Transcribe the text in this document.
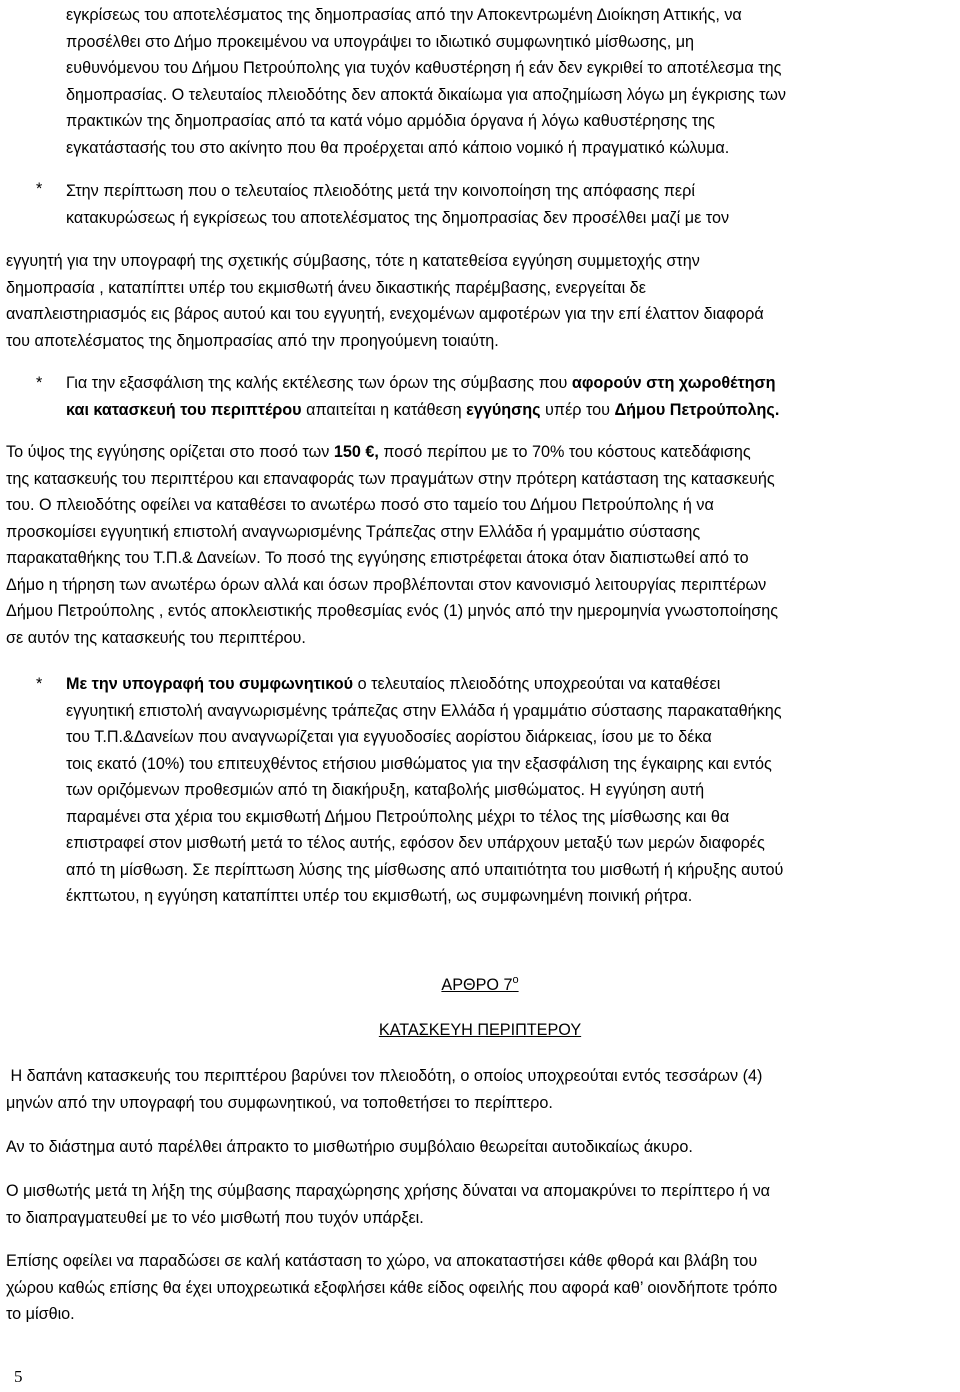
εγκρίσεως του αποτελέσματος της δημοπρασίας από την Αποκεντρωμένη Διοίκηση Αττικής, να
προσέλθει στο Δήμο προκειμένου να υπογράψει το ιδιωτικό συμφωνητικό μίσθωσης, μη
ευθυνόμενου του Δήμου Πετρούπολης για τυχόν καθυστέρηση ή εάν δεν εγκριθεί το αποτέλεσμα της
δημοπρασίας. Ο τελευταίος πλειοδότης δεν αποκτά δικαίωμα για αποζημίωση λόγω μη έγκρισης των
πρακτικών της δημοπρασίας από τα κατά νόμο αρμόδια όργανα ή λόγω καθυστέρησης της
εγκατάστασής του στο ακίνητο που θα προέρχεται από κάποιο νομικό ή πραγματικό κώλυμα.
* Στην περίπτωση που ο τελευταίος πλειοδότης μετά την κοινοποίηση της απόφασης περί
κατακυρώσεως ή εγκρίσεως του αποτελέσματος της δημοπρασίας δεν προσέλθει μαζί με τον
εγγυητή για την υπογραφή της σχετικής σύμβασης, τότε η κατατεθείσα εγγύηση συμμετοχής στην
δημοπρασία , καταπίπτει υπέρ του εκμισθωτή άνευ δικαστικής παρέμβασης, ενεργείται δε
αναπλειστηριασμός εις βάρος αυτού και του εγγυητή, ενεχομένων αμφοτέρων για την επί έλαττον διαφορά
του αποτελέσματος της δημοπρασίας από την προηγούμενη τοιαύτη.
* Για την εξασφάλιση της καλής εκτέλεσης των όρων της σύμβασης που αφορούν στη χωροθέτηση
και κατασκευή του περιπτέρου απαιτείται η κατάθεση εγγύησης υπέρ του Δήμου Πετρούπολης.
Το ύψος της εγγύησης ορίζεται στο ποσό των 150 €, ποσό περίπου με το 70% του κόστους κατεδάφισης
της κατασκευής του περιπτέρου και επαναφοράς των πραγμάτων στην πρότερη κατάσταση της κατασκευής
του. Ο πλειοδότης οφείλει να καταθέσει το ανωτέρω ποσό στο ταμείο του Δήμου Πετρούπολης ή να
προσκομίσει εγγυητική επιστολή αναγνωρισμένης Τράπεζας στην Ελλάδα ή γραμμάτιο σύστασης
παρακαταθήκης του Τ.Π.& Δανείων. Το ποσό της εγγύησης επιστρέφεται άτοκα όταν διαπιστωθεί από το
Δήμο η τήρηση των ανωτέρω όρων αλλά και όσων προβλέπονται στον κανονισμό λειτουργίας περιπτέρων
Δήμου Πετρούπολης , εντός αποκλειστικής προθεσμίας ενός (1) μηνός από την ημερομηνία γνωστοποίησης
σε αυτόν της κατασκευής του περιπτέρου.
* Με την υπογραφή του συμφωνητικού ο τελευταίος πλειοδότης υποχρεούται να καταθέσει
εγγυητική επιστολή αναγνωρισμένης τράπεζας στην Ελλάδα ή γραμμάτιο σύστασης παρακαταθήκης
του Τ.Π.&Δανείων που αναγνωρίζεται για εγγυοδοσίες αορίστου διάρκειας, ίσου με το δέκα
τοις εκατό (10%) του επιτευχθέντος ετήσιου μισθώματος για την εξασφάλιση της έγκαιρης και εντός
των οριζόμενων προθεσμιών από τη διακήρυξη, καταβολής μισθώματος. Η εγγύηση αυτή
παραμένει στα χέρια του εκμισθωτή Δήμου Πετρούπολης μέχρι το τέλος της μίσθωσης και θα
επιστραφεί στον μισθωτή μετά το τέλος αυτής, εφόσον δεν υπάρχουν μεταξύ των μερών διαφορές
από τη μίσθωση. Σε περίπτωση λύσης της μίσθωσης από υπαιτιότητα του μισθωτή ή κήρυξης αυτού
έκπτωτου, η εγγύηση καταπίπτει υπέρ του εκμισθωτή, ως συμφωνημένη ποινική ρήτρα.
ΑΡΘΡΟ $7^o$
ΚΑΤΑΣΚΕΥΗ ΠΕΡΙΠΤΕΡΟΥ
Η δαπάνη κατασκευής του περιπτέρου βαρύνει τον πλειοδότη, ο οποίος υποχρεούται εντός τεσσάρων (4)
μηνών από την υπογραφή του συμφωνητικού, να τοποθετήσει το περίπτερο.
Αν το διάστημα αυτό παρέλθει άπρακτο το μισθωτήριο συμβόλαιο θεωρείται αυτοδικαίως άκυρο.
Ο μισθωτής μετά τη λήξη της σύμβασης παραχώρησης χρήσης δύναται να απομακρύνει το περίπτερο ή να
το διαπραγματευθεί με το νέο μισθωτή που τυχόν υπάρξει.
Επίσης οφείλει να παραδώσει σε καλή κατάσταση το χώρο, να αποκαταστήσει κάθε φθορά και βλάβη του
χώρου καθώς επίσης θα έχει υποχρεωτικά εξοφλήσει κάθε είδος οφειλής που αφορά καθ’ οιονδήποτε τρόπο
το μίσθιο.
5
